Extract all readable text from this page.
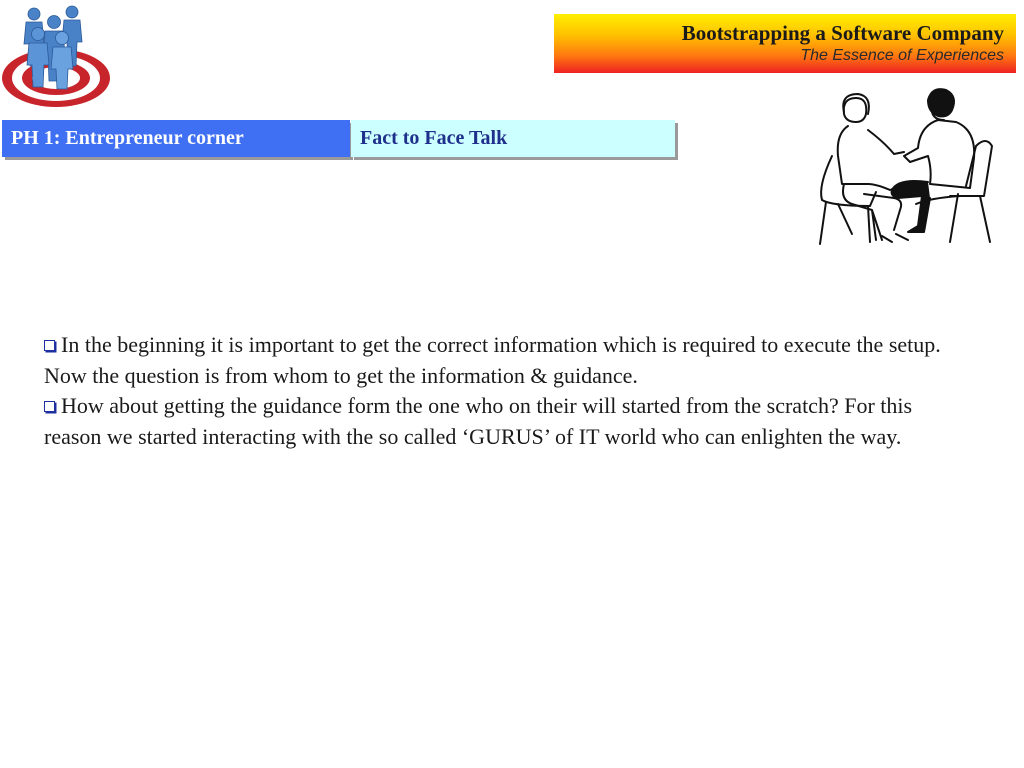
Bootstrapping a Software Company
The Essence of Experiences
PH 1: Entrepreneur corner	Fact to Face Talk

In the beginning it is important to get the correct information which is required to execute the setup. Now the question is from whom to get the information & guidance.

How about getting the guidance form the one who on their will started from the scratch? For this reason we started interacting with the so called ‘GURUS’ of IT world who can enlighten the way.
